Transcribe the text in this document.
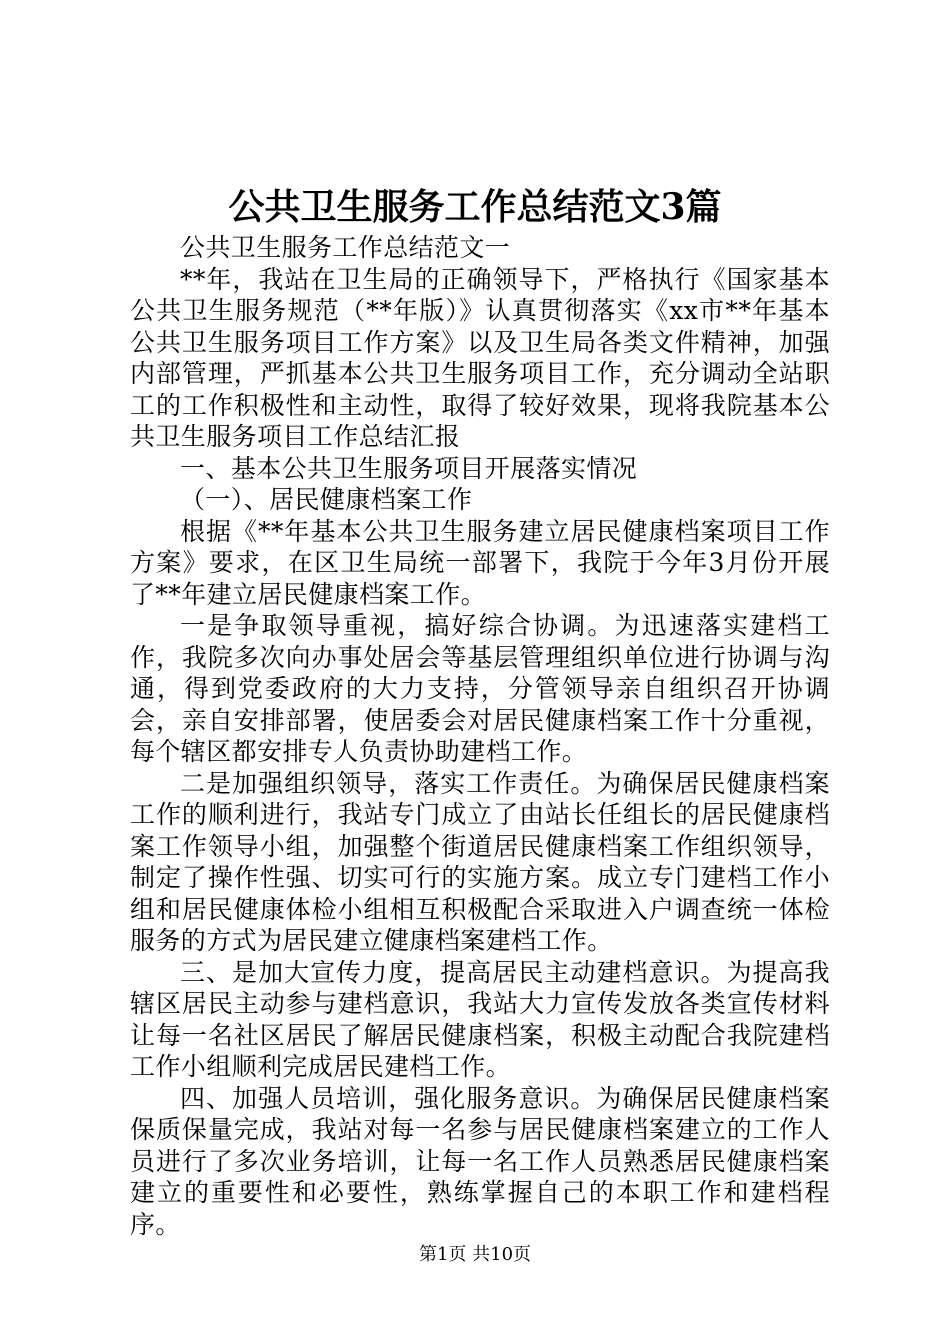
公共卫生服务工作总结范文3篇

公共卫生服务工作总结范文一

**年，我站在卫生局的正确领导下，严格执行《国家基本公共卫生服务规范（**年版）》认真贯彻落实《xx市**年基本公共卫生服务项目工作方案》以及卫生局各类文件精神，加强内部管理，严抓基本公共卫生服务项目工作，充分调动全站职工的工作积极性和主动性，取得了较好效果，现将我院基本公共卫生服务项目工作总结汇报

一、基本公共卫生服务项目开展落实情况

（一）、居民健康档案工作

根据《**年基本公共卫生服务建立居民健康档案项目工作方案》要求，在区卫生局统一部署下，我院于今年3月份开展了**年建立居民健康档案工作。

一是争取领导重视，搞好综合协调。为迅速落实建档工作，我院多次向办事处居会等基层管理组织单位进行协调与沟通，得到党委政府的大力支持，分管领导亲自组织召开协调会，亲自安排部署，使居委会对居民健康档案工作十分重视，每个辖区都安排专人负责协助建档工作。

二是加强组织领导，落实工作责任。为确保居民健康档案工作的顺利进行，我站专门成立了由站长任组长的居民健康档案工作领导小组，加强整个街道居民健康档案工作组织领导，制定了操作性强、切实可行的实施方案。成立专门建档工作小组和居民健康体检小组相互积极配合采取进入户调查统一体检服务的方式为居民建立健康档案建档工作。

三、是加大宣传力度，提高居民主动建档意识。为提高我辖区居民主动参与建档意识，我站大力宣传发放各类宣传材料让每一名社区居民了解居民健康档案，积极主动配合我院建档工作小组顺利完成居民建档工作。

四、加强人员培训，强化服务意识。为确保居民健康档案保质保量完成，我站对每一名参与居民健康档案建立的工作人员进行了多次业务培训，让每一名工作人员熟悉居民健康档案建立的重要性和必要性，熟练掌握自己的本职工作和建档程序。

第1页 共10页
